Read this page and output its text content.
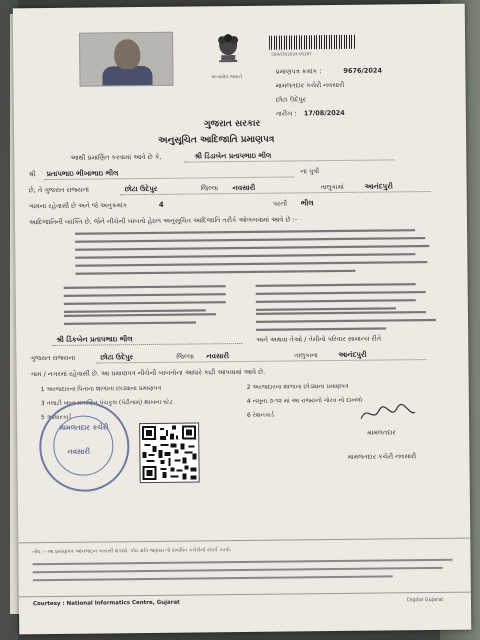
સત્યમેવ જયતે
SSR/CR/2024-00287
પ્રમાણપત્ર ક્રમાંક :	9676/2024
મામલતદાર કચેરી નવસારી
છોટા ઉદેપુર
તારીખ : 17/08/2024
ગુજરાત સરકાર
અનુસૂચિત આદિજાતિ પ્રમાણપત્ર
આથી પ્રમાણિત કરવામાં આવે છે કે,	શ્રી ડિંડાબેન પ્રતાપભાઇ ભીલ
શ્રી પ્રતાપભાઇ ભીખાભાઇ ભીલ	ના પુત્રી
છે, તે ગુજરાત રાજ્યના	છોટા ઉદેપુર	જિલ્લા નવસારી	તાલુકામાં	આનંદપુરી
ગામના રહેવાસી છે અને જે અનુક્રમાંક	4	પરની ભીલ
આદિજાતિની વ્યક્તિ છે, જેને નીચેની બાબતો હેઠળ અનુસૂચિત આદિજાતિ તરીકે ઓળખવામાં આવે છે :-
શ્રી ડિંકબેન પ્રતાપભાઇ ભીલ	અને અથવા તેઓ / તેમીનો પરિવાર સામાન્ય રીતે
ગુજરાત રાજ્યના	છોટા ઉદેપુર	જિલ્લા નવસારી	તાલુકાના	આનંદપુરી
ગામ / નગરમાં રહેવાસી છે. આ પ્રમાણપત્ર નીચેની બાબતોના આધારે કાઢી આપવામાં આવે છે.
1 અરજદારના પિતાના શાળાના છાડ્યાના પ્રમાણપત્ર	2 અરજદારના શાળાના છોડ્યાના પ્રમાણપત્ર
3 તલાટી ખાતા પ્રમાણિત પંચકુલ (પેઢીનામ્) શાખના સ્ટેટ	4 નમૂના ૭-૧૨ માં આ રાજ્યનો ગોરવ નો દાખલો
5 આધારકાર્ડ	6 રેશનકાર્ડ
મામલતદાર કચેરી
નવસારી
મામલતદાર
મામલતદાર કચેરી નવસારી
નોંધ :- આ પ્રમાણપત્ર ઓનલાઇન ચકાસી શકાશે. કોઇ ક્ષતિ જણાય તો સંબંધિત કચેરીનો સંપર્ક કરવો.
Courtesy : National Informatics Centre, Gujarat	Digital Gujarat
